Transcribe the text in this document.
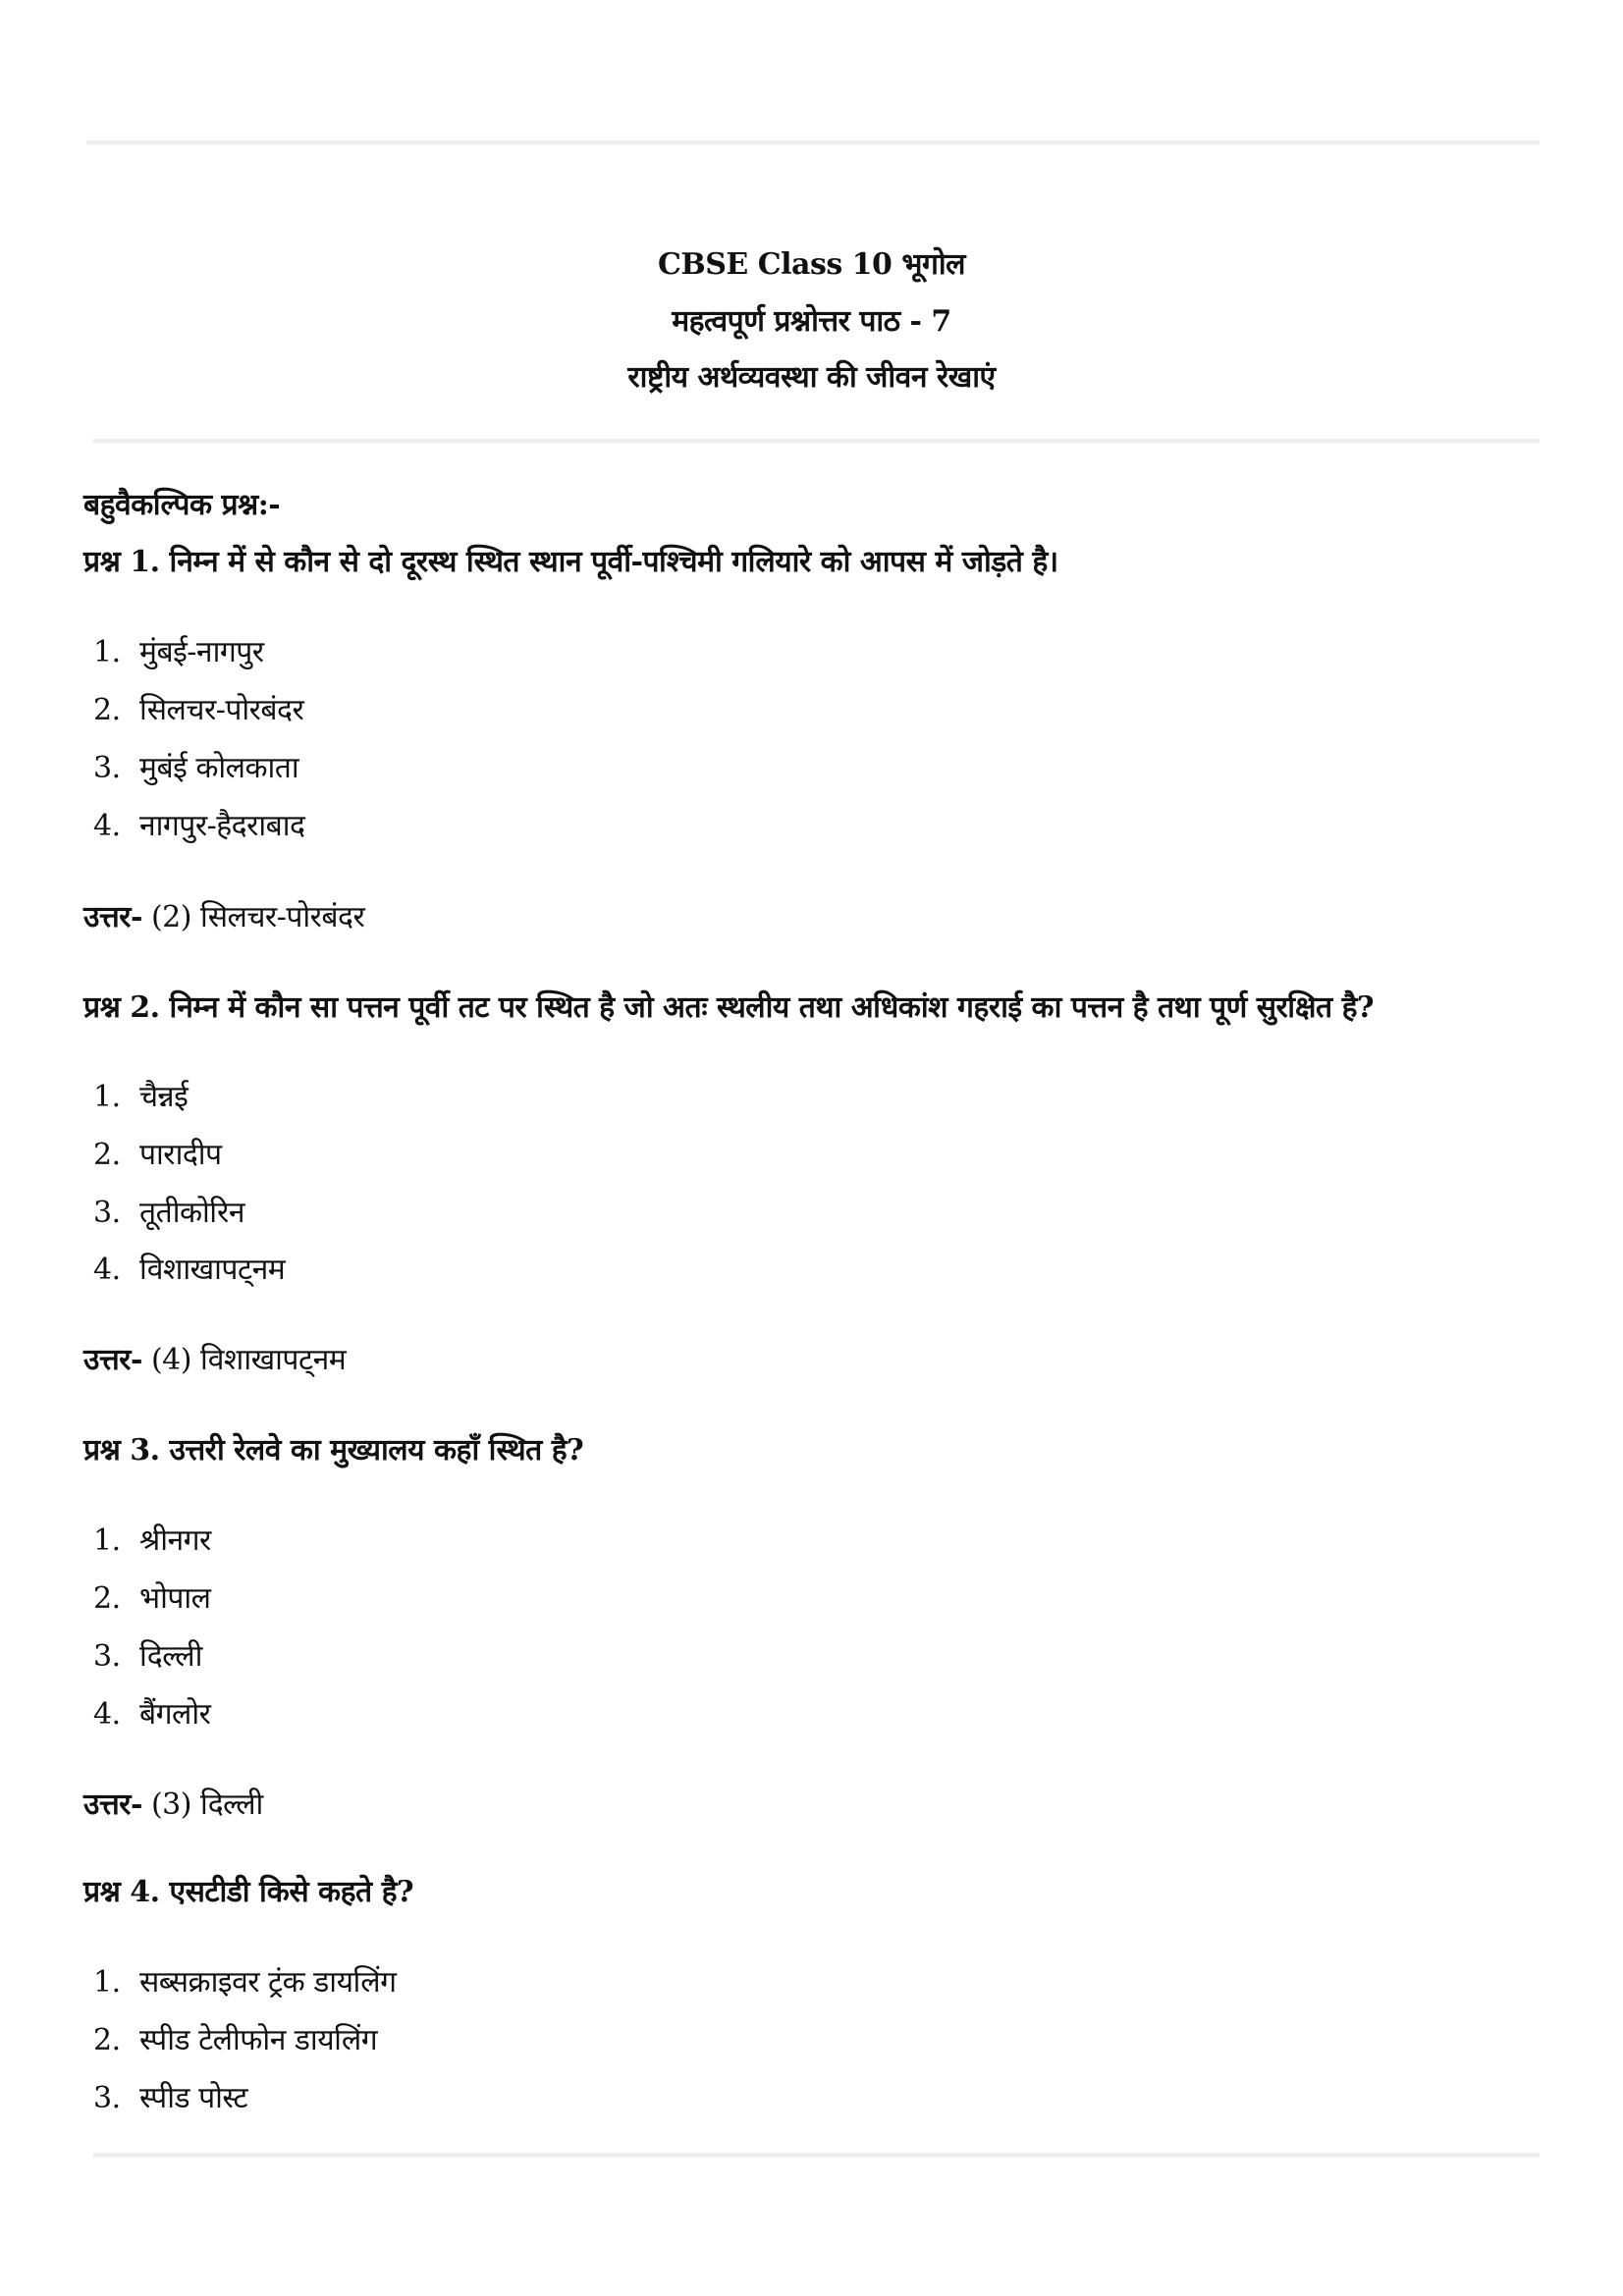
CBSE Class 10 भूगोल
महत्वपूर्ण प्रश्नोत्तर पाठ - 7
राष्ट्रीय अर्थव्यवस्था की जीवन रेखाएं
बहुवैकल्पिक प्रश्न:-
प्रश्न 1. निम्न में से कौन से दो दूरस्थ स्थित स्थान पूर्वी-पश्चिमी गलियारे को आपस में जोड़ते है।
1. मुंबई-नागपुर
2. सिलचर-पोरबंदर
3. मुबंई कोलकाता
4. नागपुर-हैदराबाद
उत्तर- (2) सिलचर-पोरबंदर
प्रश्न 2. निम्न में कौन सा पत्तन पूर्वी तट पर स्थित है जो अतः स्थलीय तथा अधिकांश गहराई का पत्तन है तथा पूर्ण सुरक्षित है?
1. चैन्नई
2. पारादीप
3. तूतीकोरिन
4. विशाखापट्नम
उत्तर- (4) विशाखापट्नम
प्रश्न 3. उत्तरी रेलवे का मुख्यालय कहाँ स्थित है?
1. श्रीनगर
2. भोपाल
3. दिल्ली
4. बैंगलोर
उत्तर- (3) दिल्ली
प्रश्न 4. एसटीडी किसे कहते है?
1. सब्सक्राइवर ट्रंक डायलिंग
2. स्पीड टेलीफोन डायलिंग
3. स्पीड पोस्ट
